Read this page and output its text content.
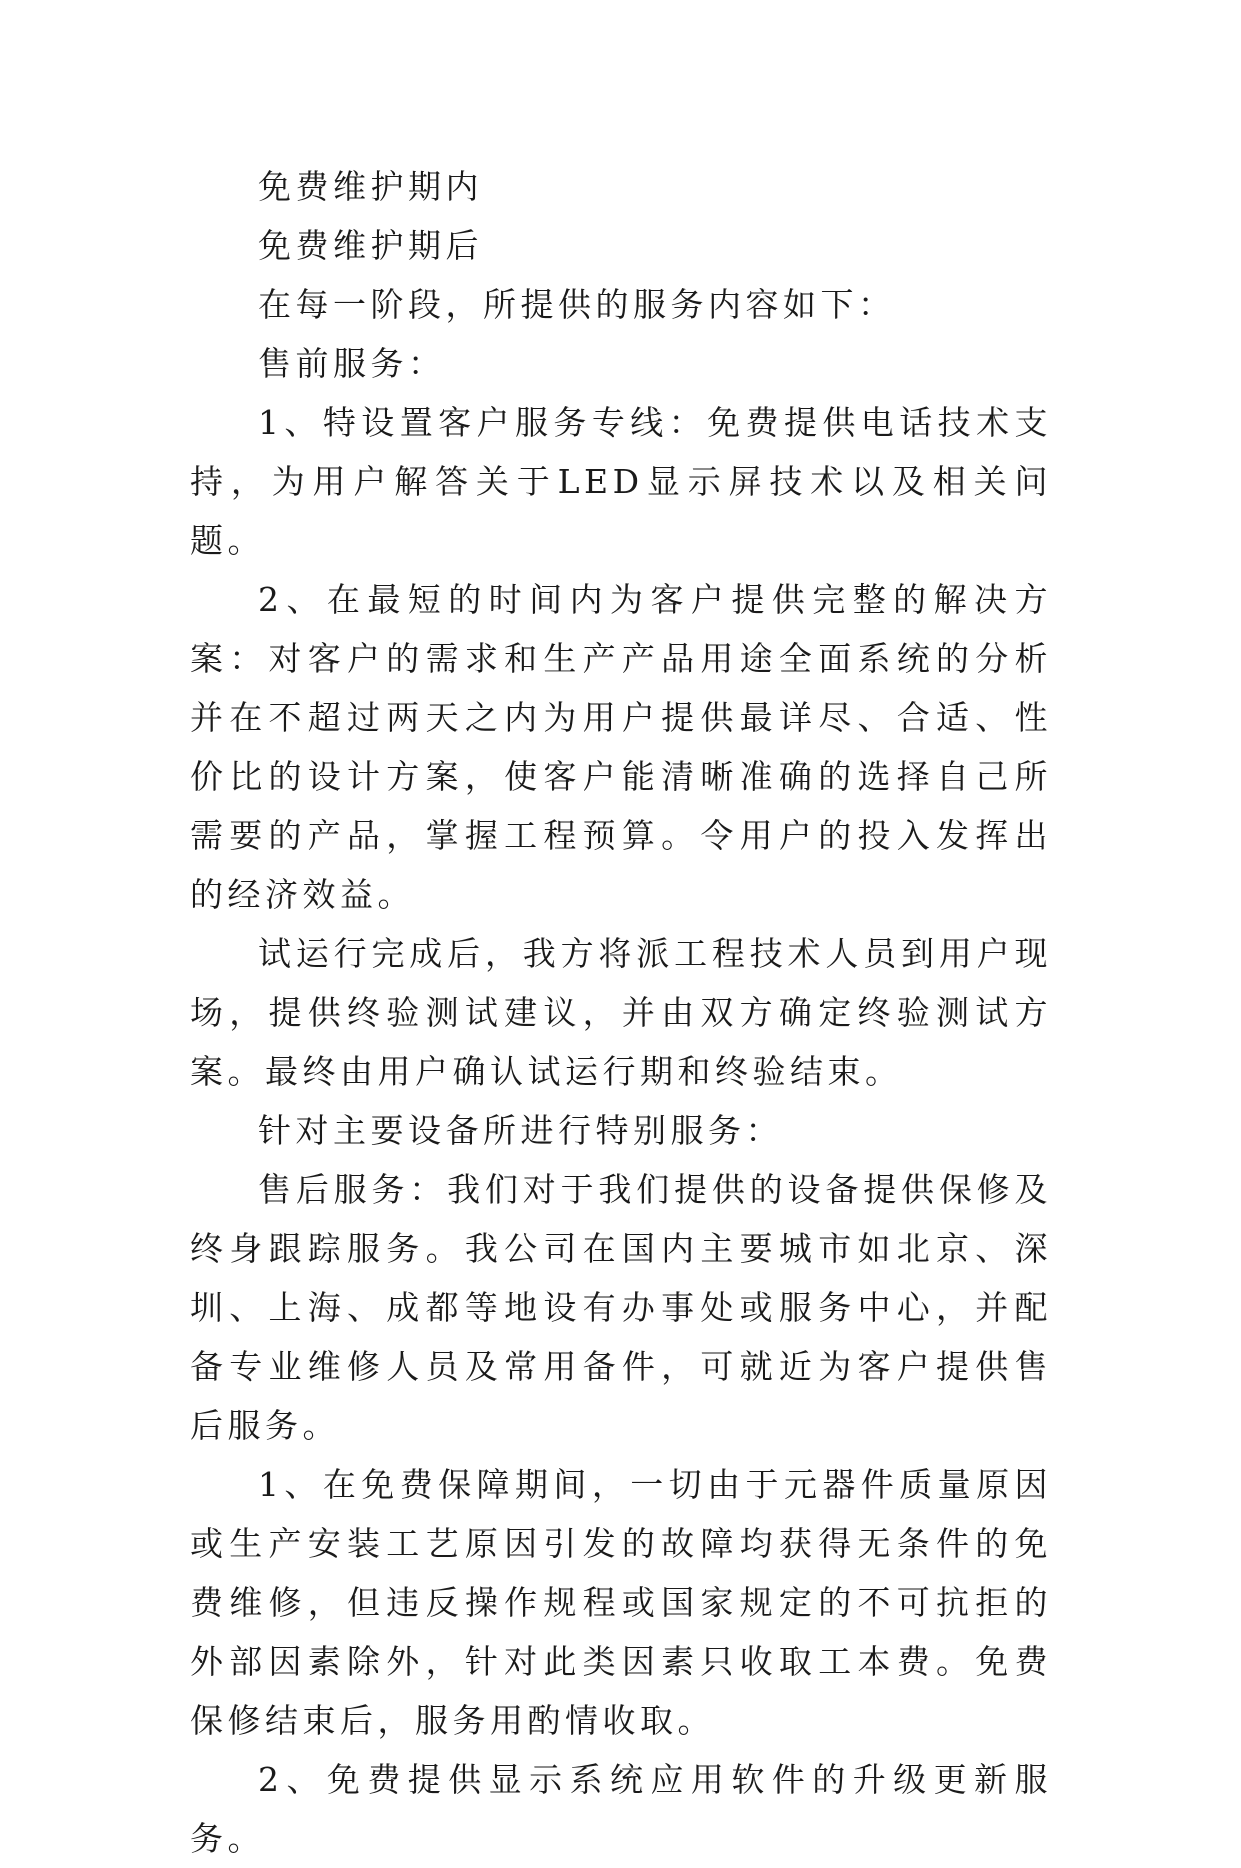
免费维护期内

免费维护期后

在每一阶段，所提供的服务内容如下：

售前服务：

1、特设置客户服务专线：免费提供电话技术支持，为用户解答关于LED显示屏技术以及相关问题。

2、在最短的时间内为客户提供完整的解决方案：对客户的需求和生产产品用途全面系统的分析并在不超过两天之内为用户提供最详尽、合适、性价比的设计方案，使客户能清晰准确的选择自己所需要的产品，掌握工程预算。令用户的投入发挥出的经济效益。

试运行完成后，我方将派工程技术人员到用户现场，提供终验测试建议，并由双方确定终验测试方案。最终由用户确认试运行期和终验结束。

针对主要设备所进行特别服务：

售后服务：我们对于我们提供的设备提供保修及终身跟踪服务。我公司在国内主要城市如北京、深圳、上海、成都等地设有办事处或服务中心，并配备专业维修人员及常用备件，可就近为客户提供售后服务。

1、在免费保障期间，一切由于元器件质量原因或生产安装工艺原因引发的故障均获得无条件的免费维修，但违反操作规程或国家规定的不可抗拒的外部因素除外，针对此类因素只收取工本费。免费保修结束后，服务用酌情收取。

2、免费提供显示系统应用软件的升级更新服务。
